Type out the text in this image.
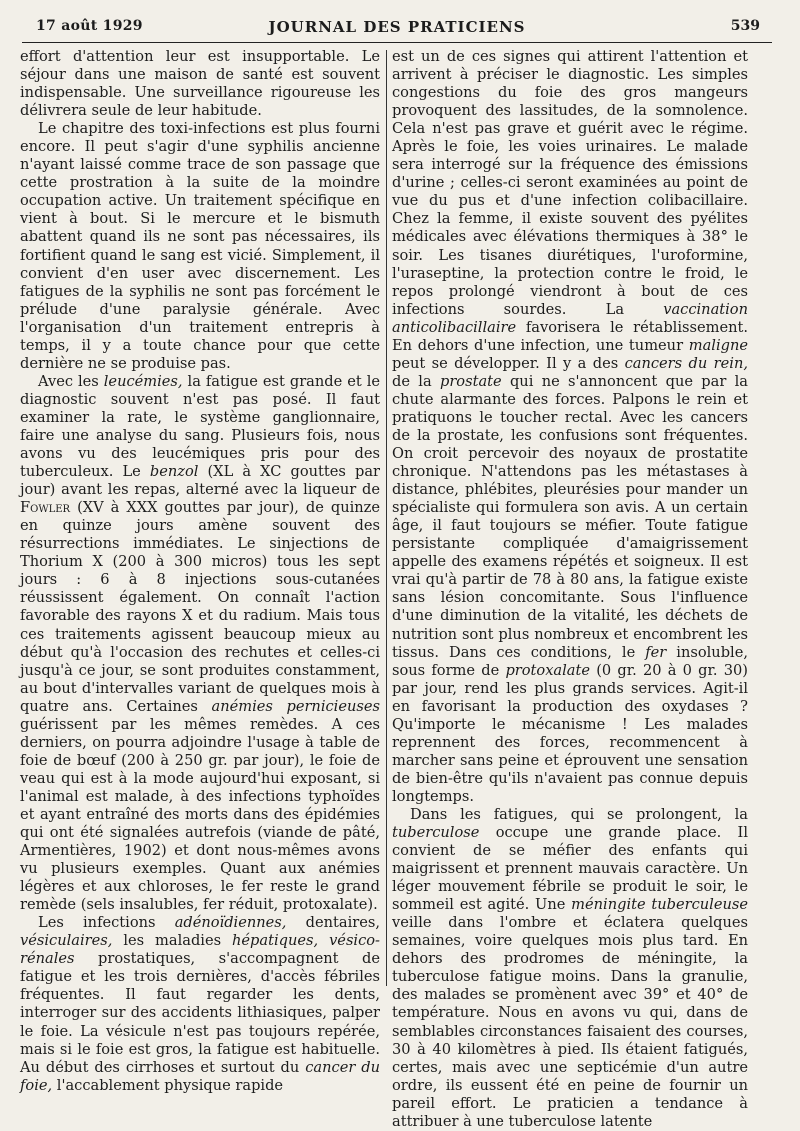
17 août 1929	JOURNAL DES PRATICIENS	539

effort d'attention leur est insupportable. Le séjour dans une maison de santé est souvent indispensable. Une surveillance rigoureuse les délivrera seule de leur habitude.

Le chapitre des toxi-infections est plus fourni encore. Il peut s'agir d'une syphilis ancienne n'ayant laissé comme trace de son passage que cette prostration à la suite de la moindre occupation active. Un traitement spécifique en vient à bout. Si le mercure et le bismuth abattent quand ils ne sont pas nécessaires, ils fortifient quand le sang est vicié. Simplement, il convient d'en user avec discernement. Les fatigues de la syphilis ne sont pas forcément le prélude d'une paralysie générale. Avec l'organisation d'un traitement entrepris à temps, il y a toute chance pour que cette dernière ne se produise pas.

Avec les leucémies, la fatigue est grande et le diagnostic souvent n'est pas posé. Il faut examiner la rate, le système ganglionnaire, faire une analyse du sang. Plusieurs fois, nous avons vu des leucémiques pris pour des tuberculeux. Le benzol (XL à XC gouttes par jour) avant les repas, alterné avec la liqueur de Fowler (XV à XXX gouttes par jour), de quinze en quinze jours amène souvent des résurrections immédiates. Le sinjections de Thorium X (200 à 300 micros) tous les sept jours : 6 à 8 injections sous-cutanées réussissent également. On connaît l'action favorable des rayons X et du radium. Mais tous ces traitements agissent beaucoup mieux au début qu'à l'occasion des rechutes et celles-ci jusqu'à ce jour, se sont produites constamment, au bout d'intervalles variant de quelques mois à quatre ans. Certaines anémies pernicieuses guérissent par les mêmes remèdes. A ces derniers, on pourra adjoindre l'usage à table de foie de bœuf (200 à 250 gr. par jour), le foie de veau qui est à la mode aujourd'hui exposant, si l'animal est malade, à des infections typhoïdes et ayant entraîné des morts dans des épidémies qui ont été signalées autrefois (viande de pâté, Armentières, 1902) et dont nous-mêmes avons vu plusieurs exemples. Quant aux anémies légères et aux chloroses, le fer reste le grand remède (sels insalubles, fer réduit, protoxalate).

Les infections adénoïdiennes, dentaires, vésiculaires, les maladies hépatiques, vésico-rénales prostatiques, s'accompagnent de fatigue et les trois dernières, d'accès fébriles fréquentes. Il faut regarder les dents, interroger sur des accidents lithiasiques, palper le foie. La vésicule n'est pas toujours repérée, mais si le foie est gros, la fatigue est habituelle. Au début des cirrhoses et surtout du cancer du foie, l'accablement physique rapide

est un de ces signes qui attirent l'attention et arrivent à préciser le diagnostic. Les simples congestions du foie des gros mangeurs provoquent des lassitudes, de la somnolence. Cela n'est pas grave et guérit avec le régime. Après le foie, les voies urinaires. Le malade sera interrogé sur la fréquence des émissions d'urine ; celles-ci seront examinées au point de vue du pus et d'une infection colibacillaire. Chez la femme, il existe souvent des pyélites médicales avec élévations thermiques à 38° le soir. Les tisanes diurétiques, l'uroformine, l'uraseptine, la protection contre le froid, le repos prolongé viendront à bout de ces infections sourdes. La vaccination anticolibacillaire favorisera le rétablissement. En dehors d'une infection, une tumeur maligne peut se développer. Il y a des cancers du rein, de la prostate qui ne s'annoncent que par la chute alarmante des forces. Palpons le rein et pratiquons le toucher rectal. Avec les cancers de la prostate, les confusions sont fréquentes. On croit percevoir des noyaux de prostatite chronique. N'attendons pas les métastases à distance, phlébites, pleurésies pour mander un spécialiste qui formulera son avis. A un certain âge, il faut toujours se méfier. Toute fatigue persistante compliquée d'amaigrissement appelle des examens répétés et soigneux. Il est vrai qu'à partir de 78 à 80 ans, la fatigue existe sans lésion concomitante. Sous l'influence d'une diminution de la vitalité, les déchets de nutrition sont plus nombreux et encombrent les tissus. Dans ces conditions, le fer insoluble, sous forme de protoxalate (0 gr. 20 à 0 gr. 30) par jour, rend les plus grands services. Agit-il en favorisant la production des oxydases ? Qu'importe le mécanisme ! Les malades reprennent des forces, recommencent à marcher sans peine et éprouvent une sensation de bien-être qu'ils n'avaient pas connue depuis longtemps.

Dans les fatigues, qui se prolongent, la tuberculose occupe une grande place. Il convient de se méfier des enfants qui maigrissent et prennent mauvais caractère. Un léger mouvement fébrile se produit le soir, le sommeil est agité. Une méningite tuberculeuse veille dans l'ombre et éclatera quelques semaines, voire quelques mois plus tard. En dehors des prodromes de méningite, la tuberculose fatigue moins. Dans la granulie, des malades se promènent avec 39° et 40° de température. Nous en avons vu qui, dans de semblables circonstances faisaient des courses, 30 à 40 kilomètres à pied. Ils étaient fatigués, certes, mais avec une septicémie d'un autre ordre, ils eussent été en peine de fournir un pareil effort. Le praticien a tendance à attribuer à une tuberculose latente
